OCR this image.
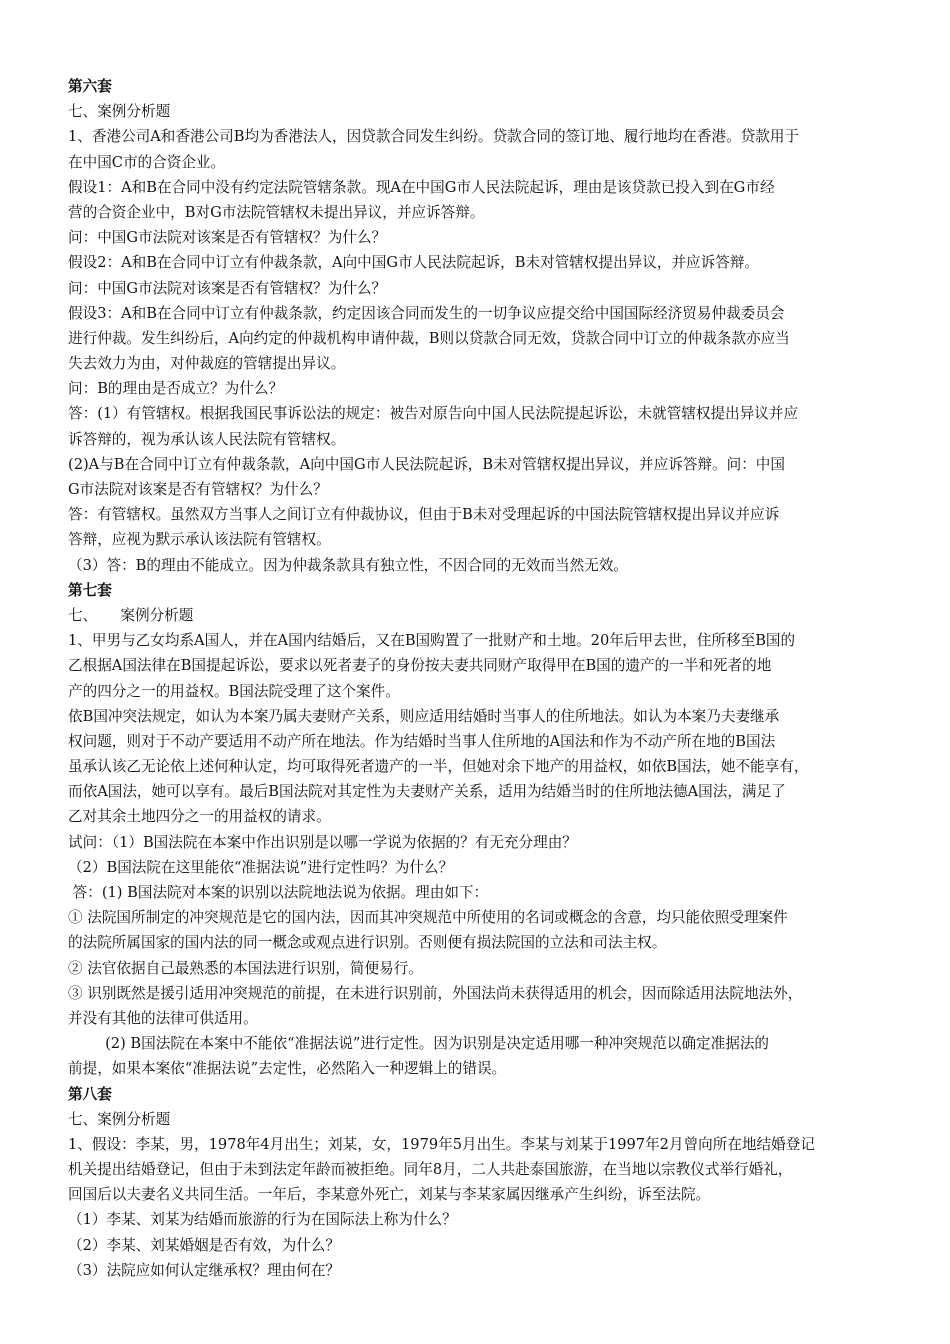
第六套
七、案例分析题
1、香港公司A和香港公司B均为香港法人，因贷款合同发生纠纷。贷款合同的签订地、履行地均在香港。贷款用于
在中国C市的合资企业。
假设1：A和B在合同中没有约定法院管辖条款。现A在中国G市人民法院起诉，理由是该贷款已投入到在G市经
营的合资企业中，B对G市法院管辖权未提出异议，并应诉答辩。
问：中国G市法院对该案是否有管辖权？为什么？
假设2：A和B在合同中订立有仲裁条款，A向中国G市人民法院起诉，B未对管辖权提出异议，并应诉答辩。
问：中国G市法院对该案是否有管辖权？为什么？
假设3：A和B在合同中订立有仲裁条款，约定因该合同而发生的一切争议应提交给中国国际经济贸易仲裁委员会
进行仲裁。发生纠纷后，A向约定的仲裁机构申请仲裁，B则以贷款合同无效，贷款合同中订立的仲裁条款亦应当
失去效力为由，对仲裁庭的管辖提出异议。
问：B的理由是否成立？为什么？
答：(1）有管辖权。根据我国民事诉讼法的规定：被告对原告向中国人民法院提起诉讼，未就管辖权提出异议并应
诉答辩的，视为承认该人民法院有管辖权。
(2)A与B在合同中订立有仲裁条款，A向中国G市人民法院起诉，B未对管辖权提出异议，并应诉答辩。问：中国
G市法院对该案是否有管辖权？为什么？
答：有管辖权。虽然双方当事人之间订立有仲裁协议，但由于B未对受理起诉的中国法院管辖权提出异议并应诉
答辩，应视为默示承认该法院有管辖权。
（3）答：B的理由不能成立。因为仲裁条款具有独立性，不因合同的无效而当然无效。
第七套
七、     案例分析题
1、甲男与乙女均系A国人，并在A国内结婚后，又在B国购置了一批财产和土地。20年后甲去世，住所移至B国的
乙根据A国法律在B国提起诉讼，要求以死者妻子的身份按夫妻共同财产取得甲在B国的遗产的一半和死者的地
产的四分之一的用益权。B国法院受理了这个案件。
依B国冲突法规定，如认为本案乃属夫妻财产关系，则应适用结婚时当事人的住所地法。如认为本案乃夫妻继承
权问题，则对于不动产要适用不动产所在地法。作为结婚时当事人住所地的A国法和作为不动产所在地的B国法
虽承认该乙无论依上述何种认定，均可取得死者遗产的一半，但她对余下地产的用益权，如依B国法，她不能享有，
而依A国法，她可以享有。最后B国法院对其定性为夫妻财产关系，适用为结婚当时的住所地法德A国法，满足了
乙对其余土地四分之一的用益权的请求。
试问：（1）B国法院在本案中作出识别是以哪一学说为依据的？有无充分理由？
（2）B国法院在这里能依“准据法说”进行定性吗？为什么？
答：(1) B国法院对本案的识别以法院地法说为依据。理由如下：
① 法院国所制定的冲突规范是它的国内法，因而其冲突规范中所使用的名词或概念的含意，均只能依照受理案件
的法院所属国家的国内法的同一概念或观点进行识别。否则便有损法院国的立法和司法主权。
② 法官依据自己最熟悉的本国法进行识别，简便易行。
③ 识别既然是援引适用冲突规范的前提，在未进行识别前，外国法尚未获得适用的机会，因而除适用法院地法外，
并没有其他的法律可供适用。
(2) B国法院在本案中不能依“准据法说”进行定性。因为识别是决定适用哪一种冲突规范以确定准据法的
前提，如果本案依“准据法说”去定性，必然陷入一种逻辑上的错误。
第八套
七、案例分析题
1、假设：李某，男，1978年4月出生；刘某，女，1979年5月出生。李某与刘某于1997年2月曾向所在地结婚登记
机关提出结婚登记，但由于未到法定年龄而被拒绝。同年8月，二人共赴泰国旅游，在当地以宗教仪式举行婚礼，
回国后以夫妻名义共同生活。一年后，李某意外死亡，刘某与李某家属因继承产生纠纷，诉至法院。
（1）李某、刘某为结婚而旅游的行为在国际法上称为什么？
（2）李某、刘某婚姻是否有效，为什么？
（3）法院应如何认定继承权？理由何在？
